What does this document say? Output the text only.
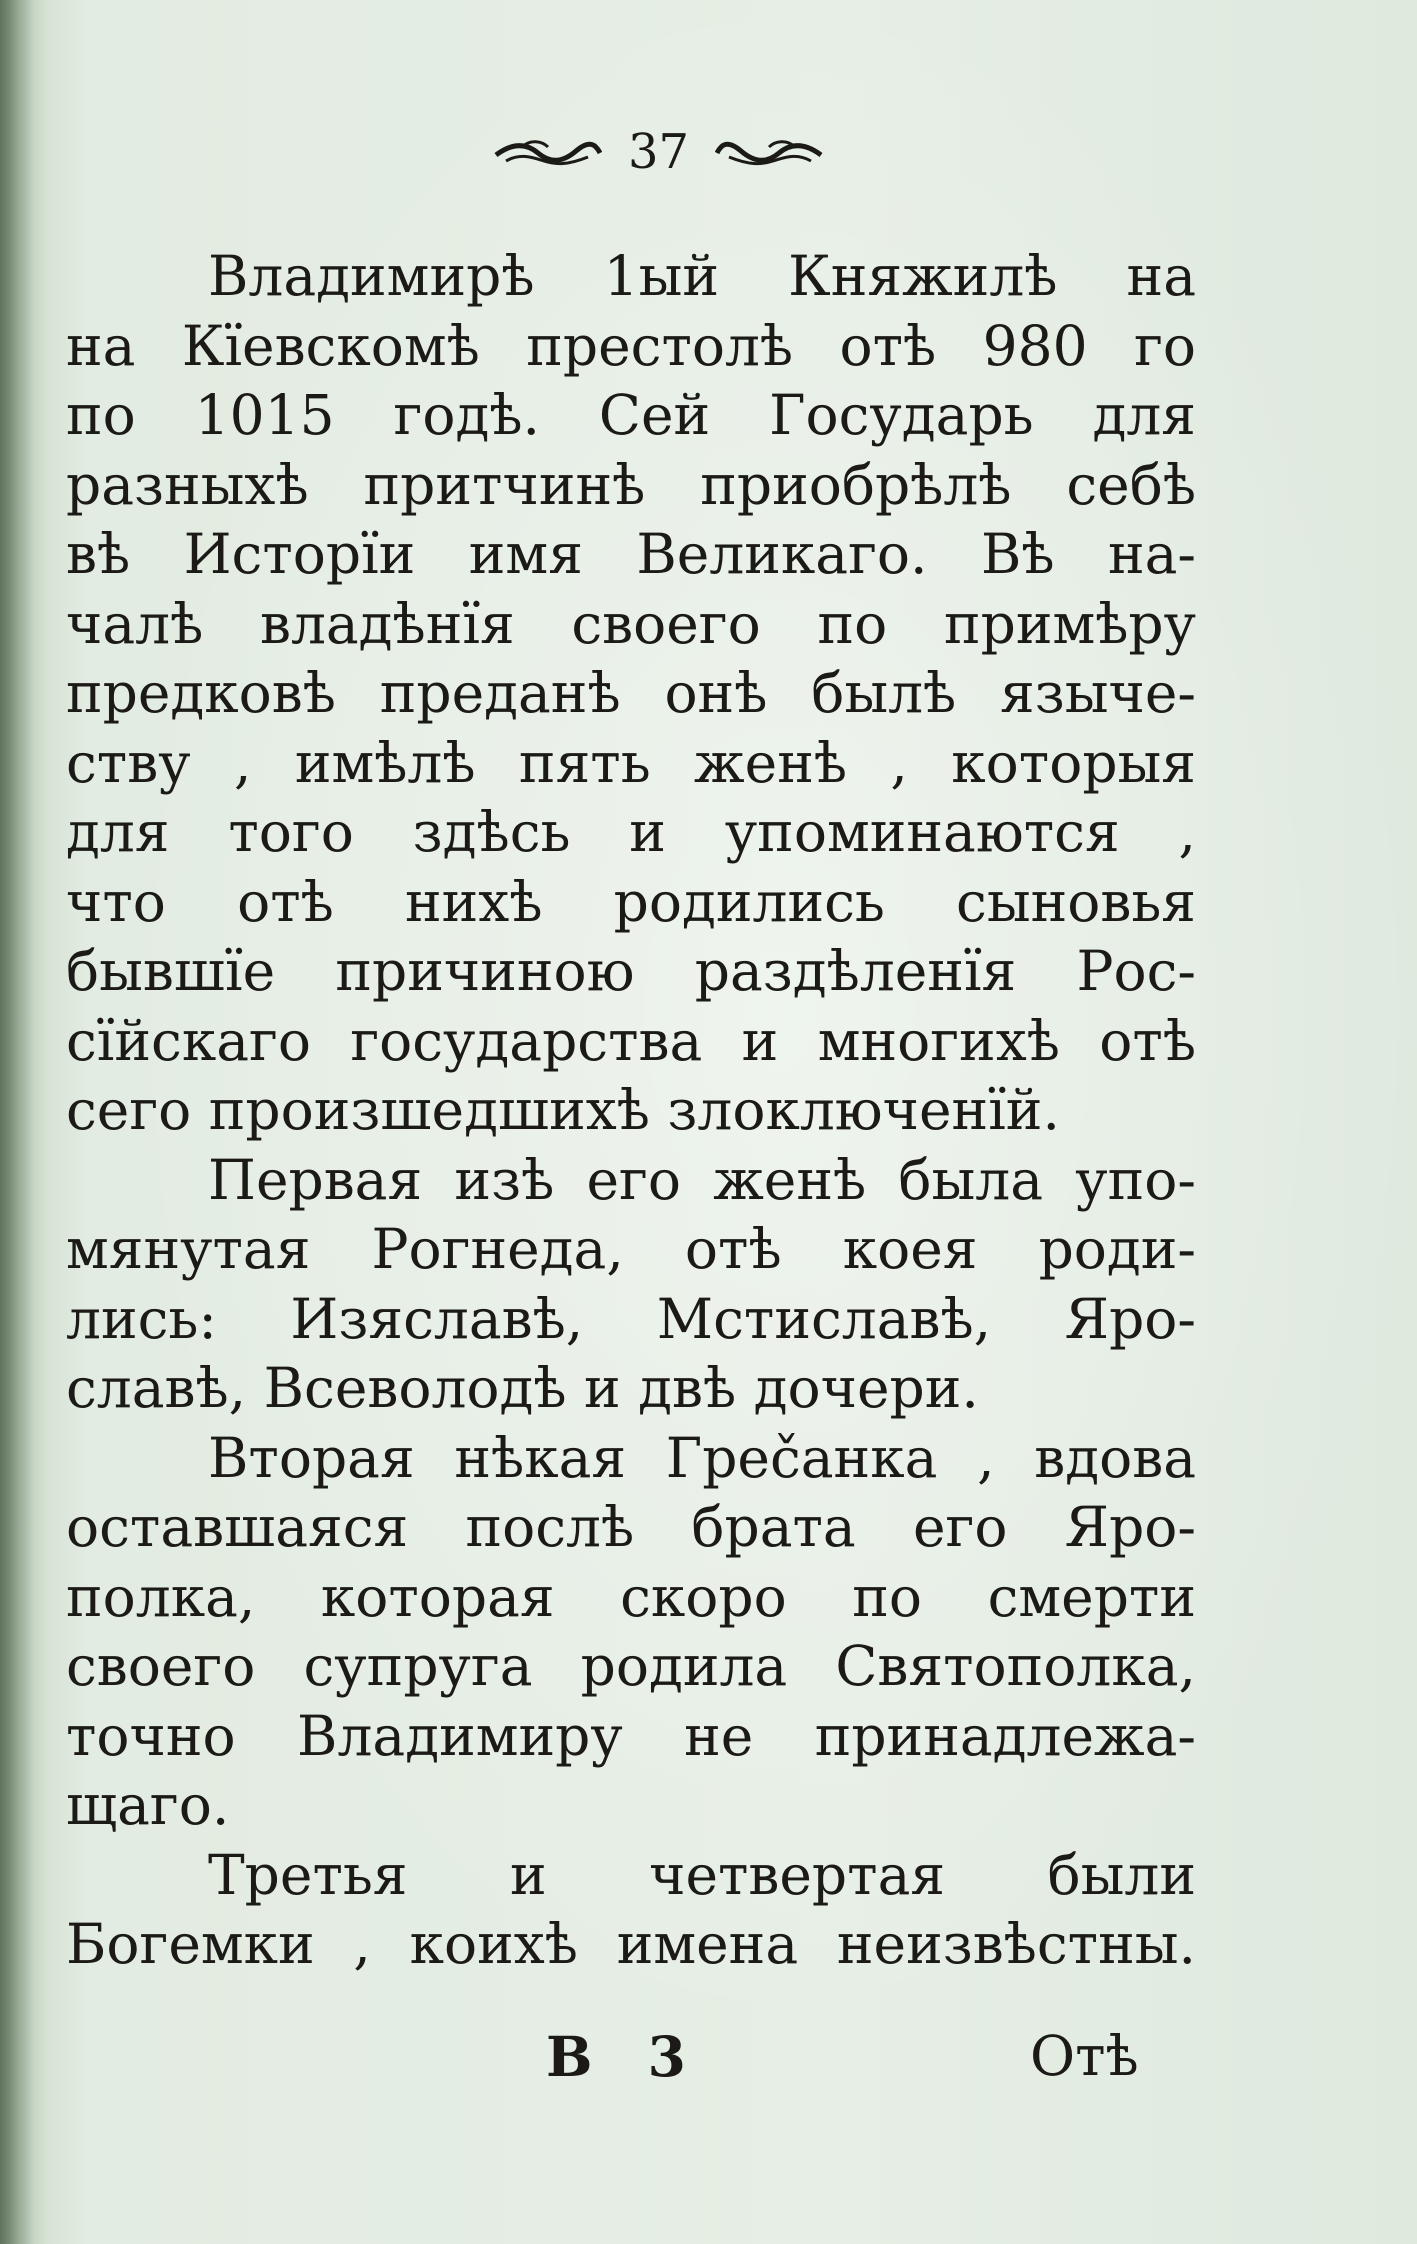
37
Владимирѣ 1ый Княжилѣ на
на Кїевскомѣ престолѣ отѣ 980 го
по 1015 годѣ. Сей Государь для
разныхѣ притчинѣ приобрѣлѣ себѣ
вѣ Исторїи имя Великаго. Вѣ на-
чалѣ владѣнїя своего по примѣру
предковѣ преданѣ онѣ былѣ языче-
ству , имѣлѣ пять женѣ , которыя
для того здѣсь и упоминаются ,
что отѣ нихѣ родились сыновья
бывшїе причиною раздѣленїя Рос-
сїйскаго государства и многихѣ отѣ
сего произшедшихѣ злоключенїй.
Первая изѣ его женѣ была упо-
мянутая Рогнеда, отѣ коея роди-
лись: Изяславѣ, Мстиславѣ, Яро-
славѣ, Всеволодѣ и двѣ дочери.
Вторая нѣкая Греčанка , вдова
оставшаяся послѣ брата его Яро-
полка, которая скоро по смерти
своего супруга родила Святополка,
точно Владимиру не принадлежа-
щаго.
Третья и четвертая были
Богемки , коихѣ имена неизвѣстны.
В 3	Отѣ
